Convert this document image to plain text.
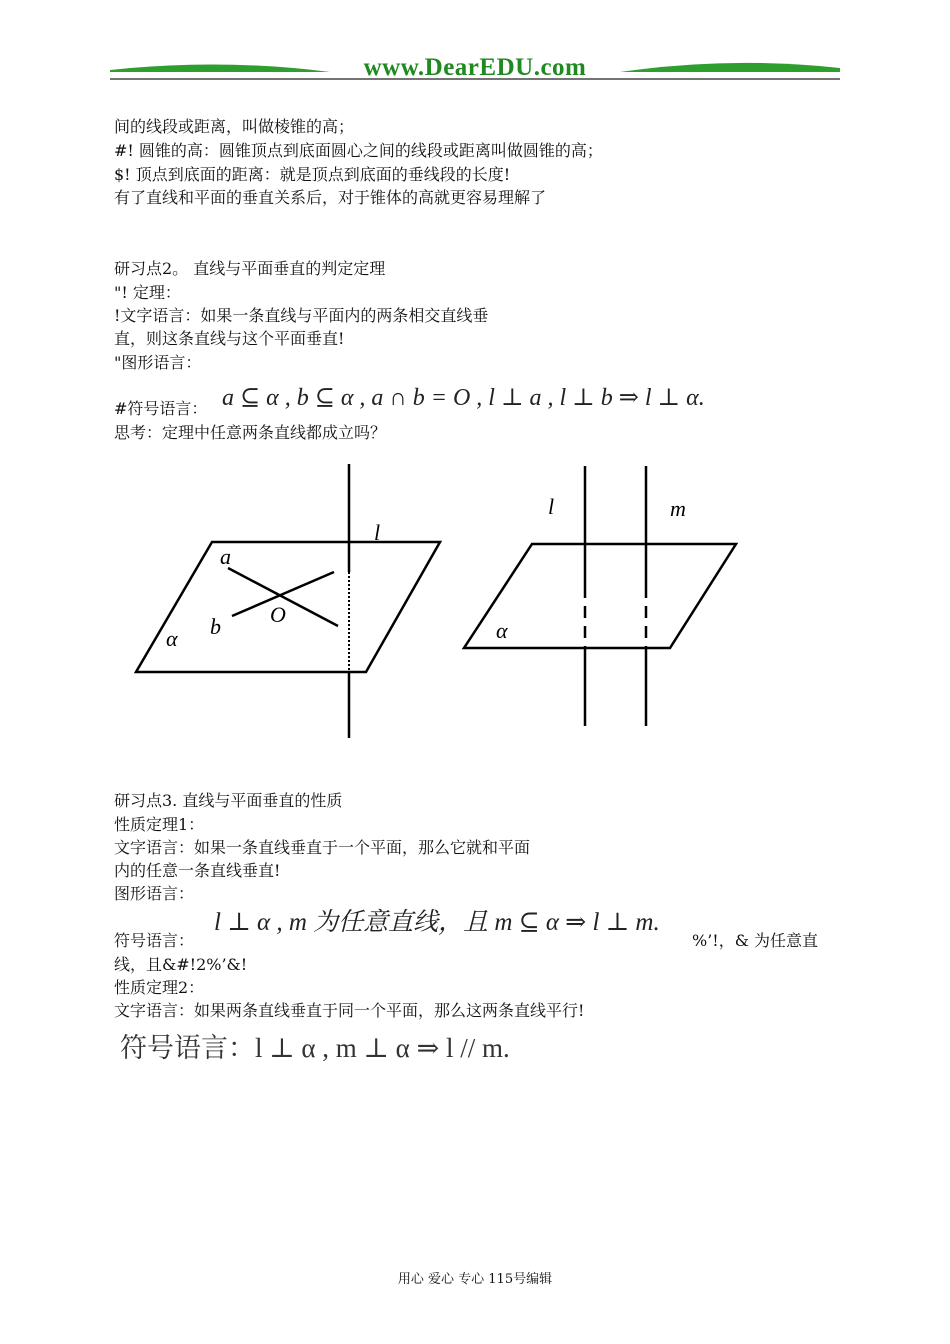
www.DearEDU.com
间的线段或距离，叫做棱锥的高；
#! 圆锥的高：圆锥顶点到底面圆心之间的线段或距离叫做圆锥的高；
$! 顶点到底面的距离：就是顶点到底面的垂线段的长度!
有了直线和平面的垂直关系后，对于锥体的高就更容易理解了
研习点2。 直线与平面垂直的判定定理
"! 定理：
!文字语言：如果一条直线与平面内的两条相交直线垂
直，则这条直线与这个平面垂直!
"图形语言：
#符号语言： a ⊆ α , b ⊆ α , a ∩ b = O , l ⊥ a , l ⊥ b ⇒ l ⊥ α.
思考：定理中任意两条直线都成立吗？
l
a
b O
α
l	m
α
研习点3. 直线与平面垂直的性质
性质定理1：
文字语言：如果一条直线垂直于一个平面，那么它就和平面
内的任意一条直线垂直!
图形语言：
符号语言：
l ⊥ α , m 为任意直线，且 m ⊆ α ⇒ l ⊥ m.
%’!，& 为任意直
线，且&#!2%’&!
性质定理2：
文字语言：如果两条直线垂直于同一个平面，那么这两条直线平行!
符号语言：l ⊥ α , m ⊥ α ⇒ l // m.
用心 爱心 专心 115号编辑
